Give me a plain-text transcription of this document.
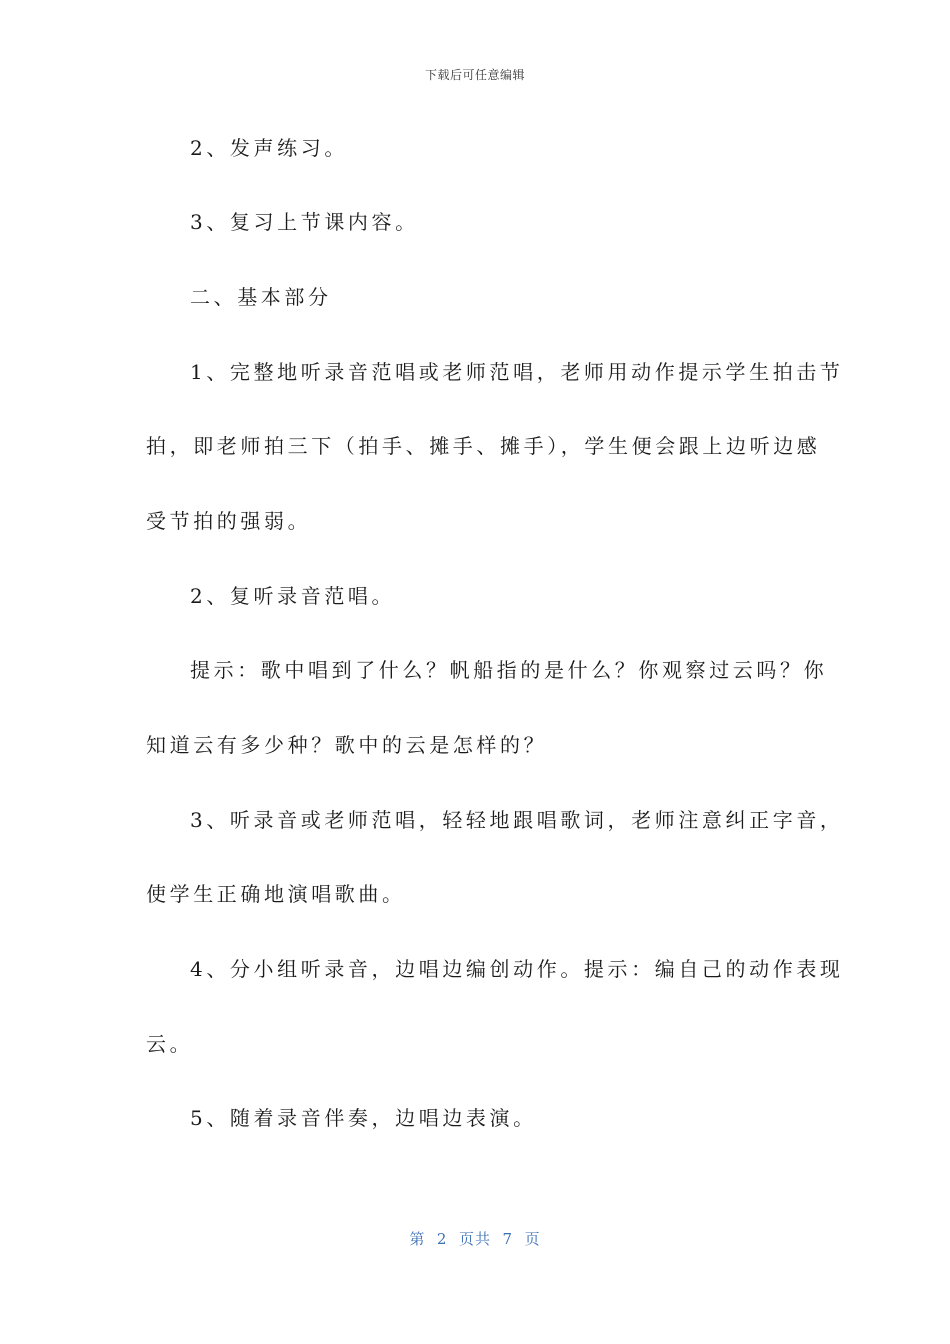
下载后可任意编辑
2、发声练习。
3、复习上节课内容。
二、基本部分
1、完整地听录音范唱或老师范唱，老师用动作提示学生拍击节
拍，即老师拍三下（拍手、摊手、摊手），学生便会跟上边听边感
受节拍的强弱。
2、复听录音范唱。
提示：歌中唱到了什么？帆船指的是什么？你观察过云吗？你
知道云有多少种？歌中的云是怎样的？
3、听录音或老师范唱，轻轻地跟唱歌词，老师注意纠正字音，
使学生正确地演唱歌曲。
4、分小组听录音，边唱边编创动作。提示：编自己的动作表现
云。
5、随着录音伴奏，边唱边表演。
第  2  页共  7  页
